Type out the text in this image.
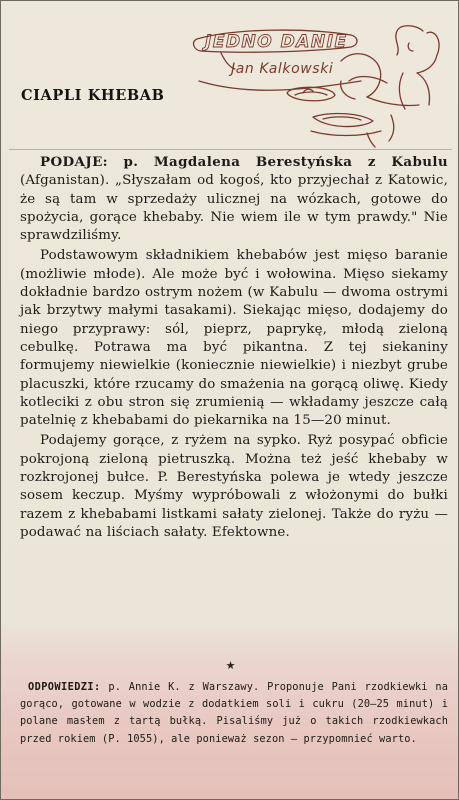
CIAPLI KHEBAB
JEDNO DANIE
Jan Kalkowski

PODAJE: p. Magdalena Berestyńska z Kabulu (Afganistan). „Słyszałam od kogoś, kto przyjechał z Katowic, że są tam w sprzedaży ulicznej na wózkach, gotowe do spożycia, gorące khebaby. Nie wiem ile w tym prawdy." Nie sprawdziliśmy.

Podstawowym składnikiem khebabów jest mięso baranie (możliwie młode). Ale może być i wołowina. Mięso siekamy dokładnie bardzo ostrym nożem (w Kabulu — dwoma ostrymi jak brzytwy małymi tasakami). Siekając mięso, dodajemy do niego przyprawy: sól, pieprz, paprykę, młodą zieloną cebulkę. Potrawa ma być pikantna. Z tej siekaniny formujemy niewielkie (koniecznie niewielkie) i niezbyt grube placuszki, które rzucamy do smażenia na gorącą oliwę. Kiedy kotleciki z obu stron się zrumienią — wkładamy jeszcze całą patelnię z khebabami do piekarnika na 15—20 minut.

Podajemy gorące, z ryżem na sypko. Ryż posypać obficie pokrojoną zieloną pietruszką. Można też jeść khebaby w rozkrojonej bułce. P. Berestyńska polewa je wtedy jeszcze sosem keczup. Myśmy wypróbowali z włożonymi do bułki razem z khebabami listkami sałaty zielonej. Także do ryżu — podawać na liściach sałaty. Efektowne.

★

ODPOWIEDZI: p. Annie K. z Warszawy. Proponuje Pani rzodkiewki na gorąco, gotowane w wodzie z dodatkiem soli i cukru (20—25 minut) i polane masłem z tartą bułką. Pisaliśmy już o takich rzodkiewkach przed rokiem (P. 1055), ale ponieważ sezon — przypomnieć warto.
